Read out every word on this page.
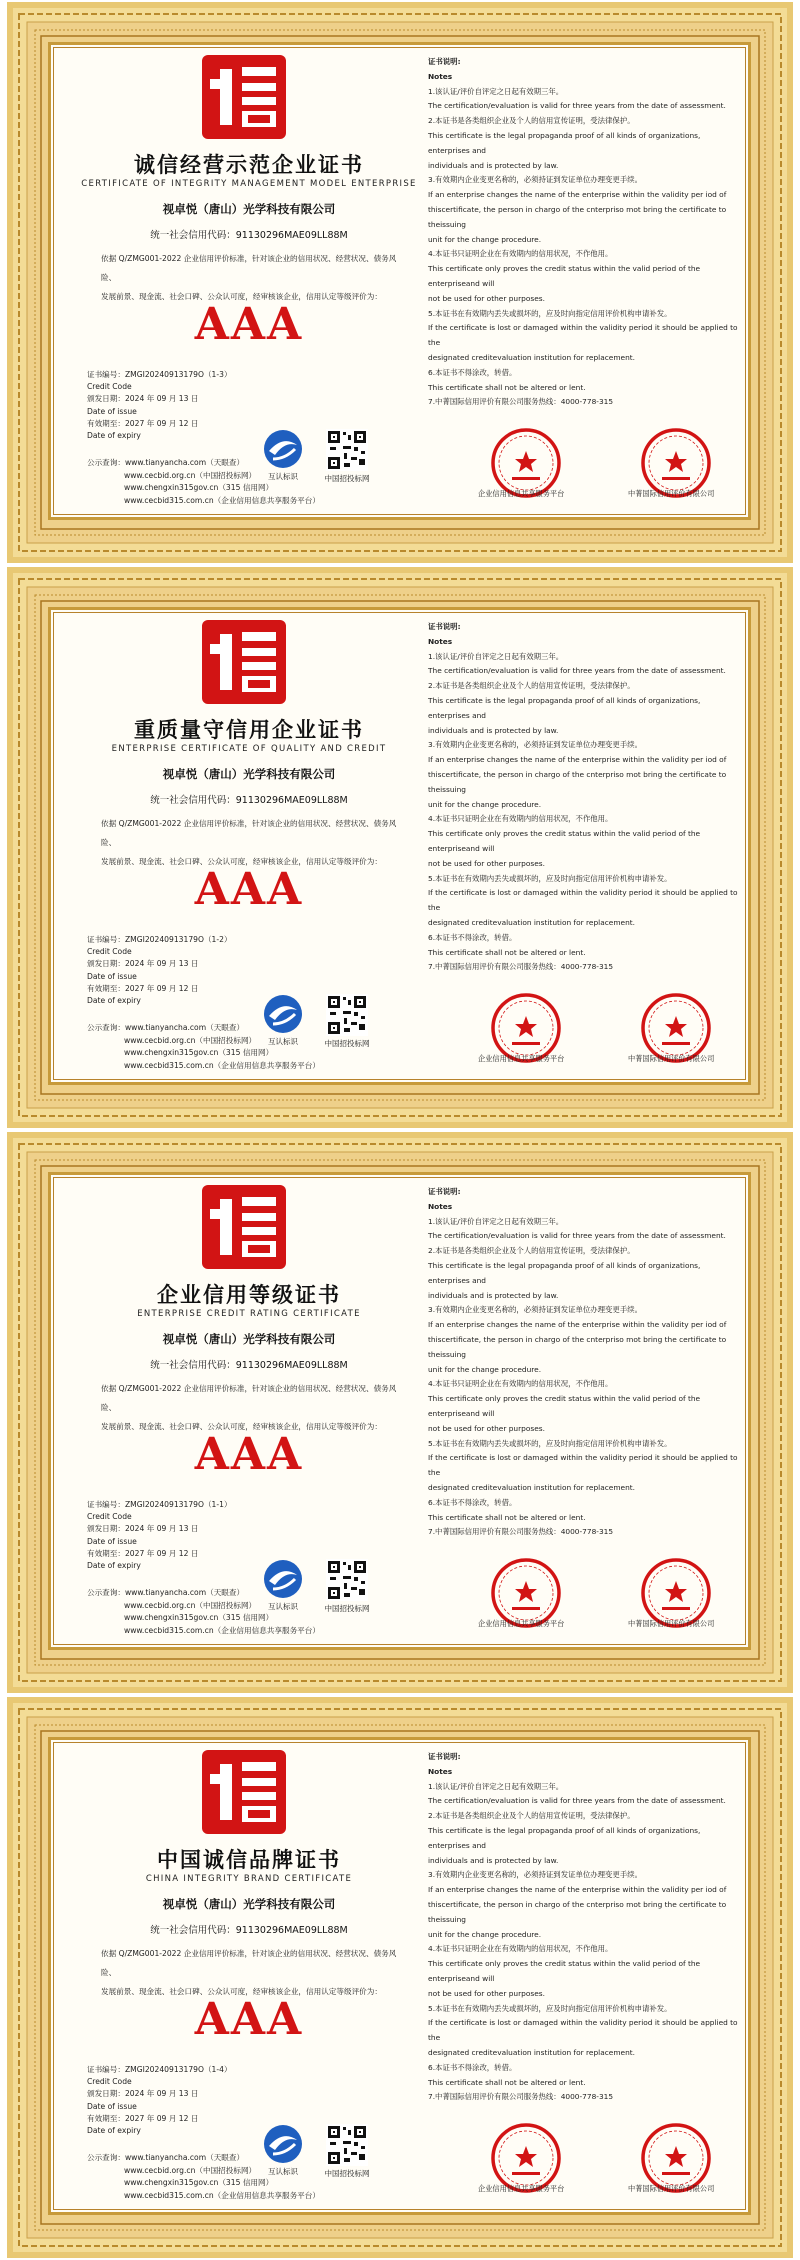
诚信经营示范企业证书
CERTIFICATE OF INTEGRITY MANAGEMENT MODEL ENTERPRISE
视卓悦（唐山）光学科技有限公司
统一社会信用代码：91130296MAE09LL88M
依据 Q/ZMG001-2022 企业信用评价标准，针对该企业的信用状况、经营状况、债务风险、
发展前景、现金流、社会口碑、公众认可度，经审核该企业，信用认定等级评价为：
AAA
证书编号：ZMGI20240913179O（1-3）
Credit Code
颁发日期：2024 年 09 月 13 日
Date of issue
有效期至：2027 年 09 月 12 日
Date of expiry
公示查询：www.tianyancha.com（天眼查）
www.cecbid.org.cn（中国招投标网）
www.chengxin315gov.cn（315 信用网）
www.cecbid315.com.cn（企业信用信息共享服务平台）
互认标识	中国招投标网
证书说明:
Notes
1.该认证/评价自评定之日起有效期三年。
The certification/evaluation is valid for three years from the date of assessment.
2.本证书是各类组织企业及个人的信用宣传证明，受法律保护。
This certificate is the legal propaganda proof of all kinds of organizations, enterprises and
individuals and is protected by law.
3.有效期内企业变更名称的，必须持证到发证单位办理变更手续。
If an enterprise changes the name of the enterprise within the validity per iod of
thiscertificate, the person in chargo of the cnterpriso mot bring the certificate to theissuing
unit for the change procedure.
4.本证书只证明企业在有效期内的信用状况，不作他用。
This certificate only proves the credit status within the valid period of the enterpriseand will
not be used for other purposes.
5.本证书在有效期内丢失或损坏的，应及时向指定信用评价机构申请补发。
If the certificate is lost or damaged within the validity period it should be applied to the
designated creditevaluation institution for replacement.
6.本证书不得涂改，转借。
This certificate shall not be altered or lent.
7.中菁国际信用评价有限公司服务热线：4000-778-315
企业信用信息共享服务平台	中菁国际信用评价有限公司
重质量守信用企业证书
ENTERPRISE CERTIFICATE OF QUALITY AND CREDIT
视卓悦（唐山）光学科技有限公司
统一社会信用代码：91130296MAE09LL88M
依据 Q/ZMG001-2022 企业信用评价标准，针对该企业的信用状况、经营状况、债务风险、
发展前景、现金流、社会口碑、公众认可度，经审核该企业，信用认定等级评价为：
AAA
证书编号：ZMGI20240913179O（1-2）
Credit Code
颁发日期：2024 年 09 月 13 日
Date of issue
有效期至：2027 年 09 月 12 日
Date of expiry
公示查询：www.tianyancha.com（天眼查）
www.cecbid.org.cn（中国招投标网）
www.chengxin315gov.cn（315 信用网）
www.cecbid315.com.cn（企业信用信息共享服务平台）
互认标识	中国招投标网
证书说明:
Notes
1.该认证/评价自评定之日起有效期三年。
The certification/evaluation is valid for three years from the date of assessment.
2.本证书是各类组织企业及个人的信用宣传证明，受法律保护。
This certificate is the legal propaganda proof of all kinds of organizations, enterprises and
individuals and is protected by law.
3.有效期内企业变更名称的，必须持证到发证单位办理变更手续。
If an enterprise changes the name of the enterprise within the validity per iod of
thiscertificate, the person in chargo of the cnterpriso mot bring the certificate to theissuing
unit for the change procedure.
4.本证书只证明企业在有效期内的信用状况，不作他用。
This certificate only proves the credit status within the valid period of the enterpriseand will
not be used for other purposes.
5.本证书在有效期内丢失或损坏的，应及时向指定信用评价机构申请补发。
If the certificate is lost or damaged within the validity period it should be applied to the
designated creditevaluation institution for replacement.
6.本证书不得涂改，转借。
This certificate shall not be altered or lent.
7.中菁国际信用评价有限公司服务热线：4000-778-315
企业信用信息共享服务平台	中菁国际信用评价有限公司
企业信用等级证书
ENTERPRISE CREDIT RATING CERTIFICATE
视卓悦（唐山）光学科技有限公司
统一社会信用代码：91130296MAE09LL88M
依据 Q/ZMG001-2022 企业信用评价标准，针对该企业的信用状况、经营状况、债务风险、
发展前景、现金流、社会口碑、公众认可度，经审核该企业，信用认定等级评价为：
AAA
证书编号：ZMGI20240913179O（1-1）
Credit Code
颁发日期：2024 年 09 月 13 日
Date of issue
有效期至：2027 年 09 月 12 日
Date of expiry
公示查询：www.tianyancha.com（天眼查）
www.cecbid.org.cn（中国招投标网）
www.chengxin315gov.cn（315 信用网）
www.cecbid315.com.cn（企业信用信息共享服务平台）
互认标识	中国招投标网
证书说明:
Notes
1.该认证/评价自评定之日起有效期三年。
The certification/evaluation is valid for three years from the date of assessment.
2.本证书是各类组织企业及个人的信用宣传证明，受法律保护。
This certificate is the legal propaganda proof of all kinds of organizations, enterprises and
individuals and is protected by law.
3.有效期内企业变更名称的，必须持证到发证单位办理变更手续。
If an enterprise changes the name of the enterprise within the validity per iod of
thiscertificate, the person in chargo of the cnterpriso mot bring the certificate to theissuing
unit for the change procedure.
4.本证书只证明企业在有效期内的信用状况，不作他用。
This certificate only proves the credit status within the valid period of the enterpriseand will
not be used for other purposes.
5.本证书在有效期内丢失或损坏的，应及时向指定信用评价机构申请补发。
If the certificate is lost or damaged within the validity period it should be applied to the
designated creditevaluation institution for replacement.
6.本证书不得涂改，转借。
This certificate shall not be altered or lent.
7.中菁国际信用评价有限公司服务热线：4000-778-315
企业信用信息共享服务平台	中菁国际信用评价有限公司
中国诚信品牌证书
CHINA INTEGRITY BRAND CERTIFICATE
视卓悦（唐山）光学科技有限公司
统一社会信用代码：91130296MAE09LL88M
依据 Q/ZMG001-2022 企业信用评价标准，针对该企业的信用状况、经营状况、债务风险、
发展前景、现金流、社会口碑、公众认可度，经审核该企业，信用认定等级评价为：
AAA
证书编号：ZMGI20240913179O（1-4）
Credit Code
颁发日期：2024 年 09 月 13 日
Date of issue
有效期至：2027 年 09 月 12 日
Date of expiry
公示查询：www.tianyancha.com（天眼查）
www.cecbid.org.cn（中国招投标网）
www.chengxin315gov.cn（315 信用网）
www.cecbid315.com.cn（企业信用信息共享服务平台）
互认标识	中国招投标网
证书说明:
Notes
1.该认证/评价自评定之日起有效期三年。
The certification/evaluation is valid for three years from the date of assessment.
2.本证书是各类组织企业及个人的信用宣传证明，受法律保护。
This certificate is the legal propaganda proof of all kinds of organizations, enterprises and
individuals and is protected by law.
3.有效期内企业变更名称的，必须持证到发证单位办理变更手续。
If an enterprise changes the name of the enterprise within the validity per iod of
thiscertificate, the person in chargo of the cnterpriso mot bring the certificate to theissuing
unit for the change procedure.
4.本证书只证明企业在有效期内的信用状况，不作他用。
This certificate only proves the credit status within the valid period of the enterpriseand will
not be used for other purposes.
5.本证书在有效期内丢失或损坏的，应及时向指定信用评价机构申请补发。
If the certificate is lost or damaged within the validity period it should be applied to the
designated creditevaluation institution for replacement.
6.本证书不得涂改，转借。
This certificate shall not be altered or lent.
7.中菁国际信用评价有限公司服务热线：4000-778-315
企业信用信息共享服务平台	中菁国际信用评价有限公司
